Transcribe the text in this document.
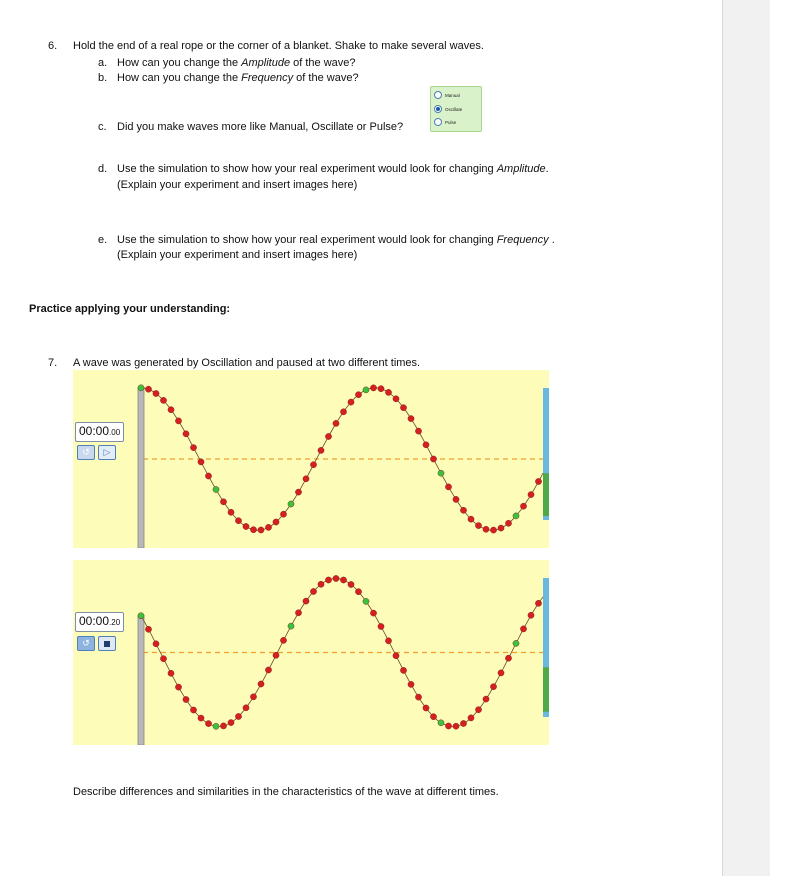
6. Hold the end of a real rope or the corner of a blanket. Shake to make several waves.
a. How can you change the Amplitude of the wave?
b. How can you change the Frequency of the wave?
Manual
Oscillate
Pulse
c. Did you make waves more like Manual, Oscillate or Pulse?
d. Use the simulation to show how your real experiment would look for changing Amplitude.
(Explain your experiment and insert images here)
e. Use the simulation to show how your real experiment would look for changing Frequency .
(Explain your experiment and insert images here)
Practice applying your understanding:
7. A wave was generated by Oscillation and paused at two different times.
00:00.00
↺ ▷
00:00.20
↺
Describe differences and similarities in the characteristics of the wave at different times.
